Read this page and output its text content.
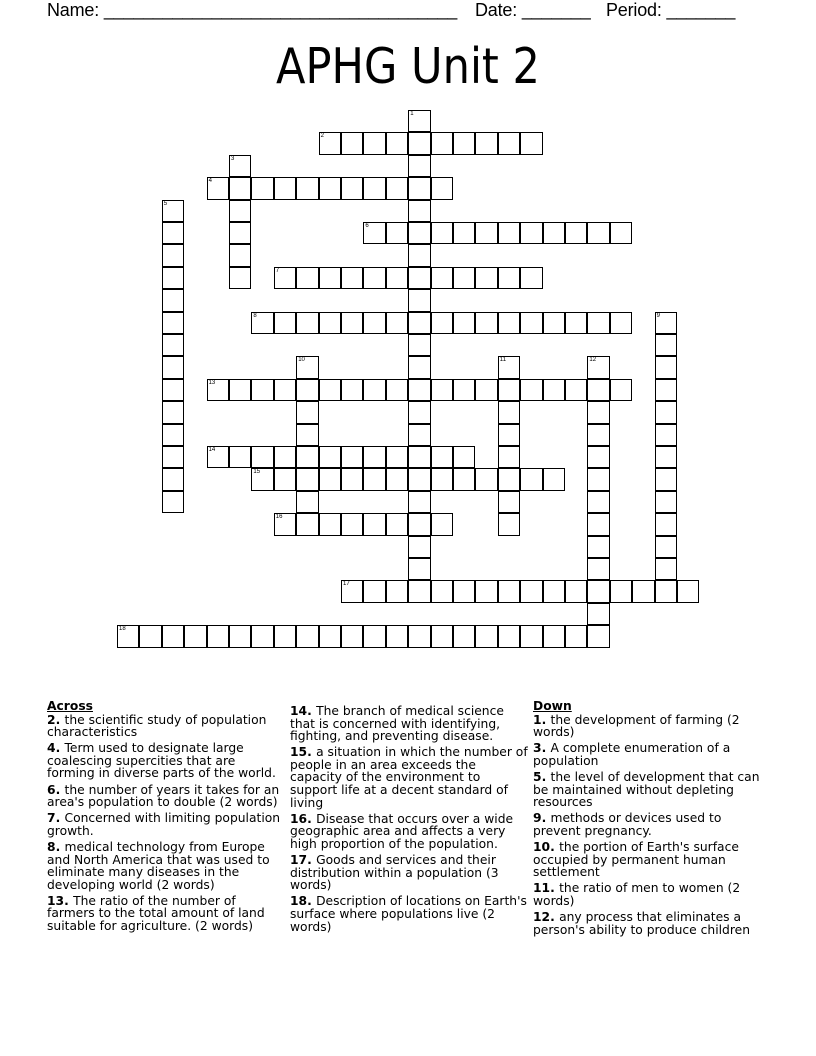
Name: ____________________________________ Date: _______ Period: _______
APHG Unit 2
1
2
3
4
5
6
7
8	9
10	11	12
13
14
15
16
17
18
Across
2. the scientific study of population characteristics
4. Term used to designate large coalescing supercities that are forming in diverse parts of the world.
6. the number of years it takes for an area's population to double (2 words)
7. Concerned with limiting population growth.
8. medical technology from Europe and North America that was used to eliminate many diseases in the developing world (2 words)
13. The ratio of the number of farmers to the total amount of land suitable for agriculture. (2 words)
14. The branch of medical science that is concerned with identifying, fighting, and preventing disease.
15. a situation in which the number of people in an area exceeds the capacity of the environment to support life at a decent standard of living
16. Disease that occurs over a wide geographic area and affects a very high proportion of the population.
17. Goods and services and their distribution within a population (3 words)
18. Description of locations on Earth's surface where populations live (2 words)
Down
1. the development of farming (2 words)
3. A complete enumeration of a population
5. the level of development that can be maintained without depleting resources
9. methods or devices used to prevent pregnancy.
10. the portion of Earth's surface occupied by permanent human settlement
11. the ratio of men to women (2 words)
12. any process that eliminates a person's ability to produce children
